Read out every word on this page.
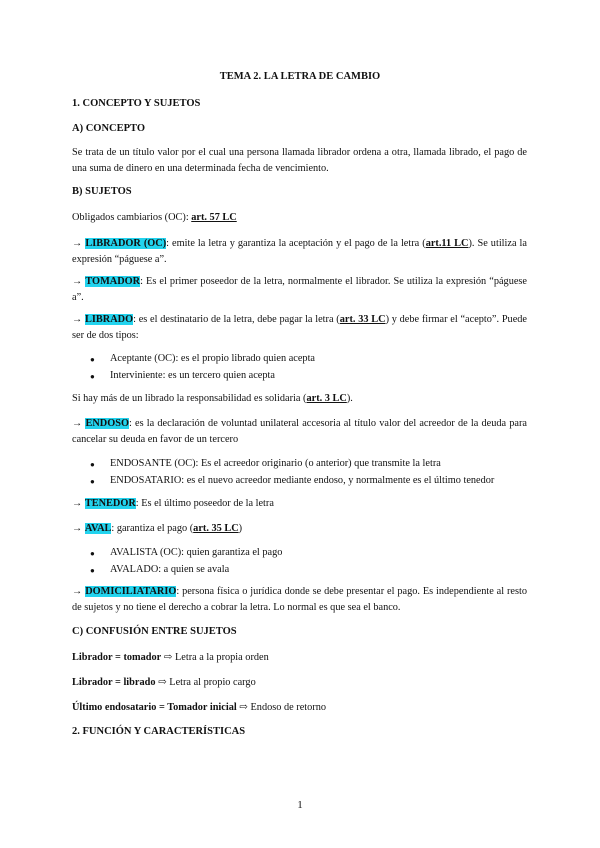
TEMA 2. LA LETRA DE CAMBIO

1. CONCEPTO Y SUJETOS

A) CONCEPTO

Se trata de un título valor por el cual una persona llamada librador ordena a otra, llamada librado, el pago de una suma de dinero en una determinada fecha de vencimiento.

B) SUJETOS

Obligados cambiarios (OC): art. 57 LC

→ LIBRADOR (OC): emite la letra y garantiza la aceptación y el pago de la letra (art.11 LC). Se utiliza la expresión “páguese a”.

→ TOMADOR: Es el primer poseedor de la letra, normalmente el librador. Se utiliza la expresión “páguese a”.

→ LIBRADO: es el destinatario de la letra, debe pagar la letra (art. 33 LC) y debe firmar el “acepto”. Puede ser de dos tipos:

● Aceptante (OC): es el propio librado quien acepta
● Interviniente: es un tercero quien acepta

Si hay más de un librado la responsabilidad es solidaria (art. 3 LC).

→ ENDOSO: es la declaración de voluntad unilateral accesoria al título valor del acreedor de la deuda para cancelar su deuda en favor de un tercero

● ENDOSANTE (OC): Es el acreedor originario (o anterior) que transmite la letra
● ENDOSATARIO: es el nuevo acreedor mediante endoso, y normalmente es el último tenedor

→ TENEDOR: Es el último poseedor de la letra

→ AVAL: garantiza el pago (art. 35 LC)

● AVALISTA (OC): quien garantiza el pago
● AVALADO: a quien se avala

→ DOMICILIATARIO: persona física o jurídica donde se debe presentar el pago. Es independiente al resto de sujetos y no tiene el derecho a cobrar la letra. Lo normal es que sea el banco.

C) CONFUSIÓN ENTRE SUJETOS

Librador = tomador ⇨ Letra a la propia orden

Librador = librado ⇨ Letra al propio cargo

Último endosatario = Tomador inicial ⇨ Endoso de retorno

2. FUNCIÓN Y CARACTERÍSTICAS

1
